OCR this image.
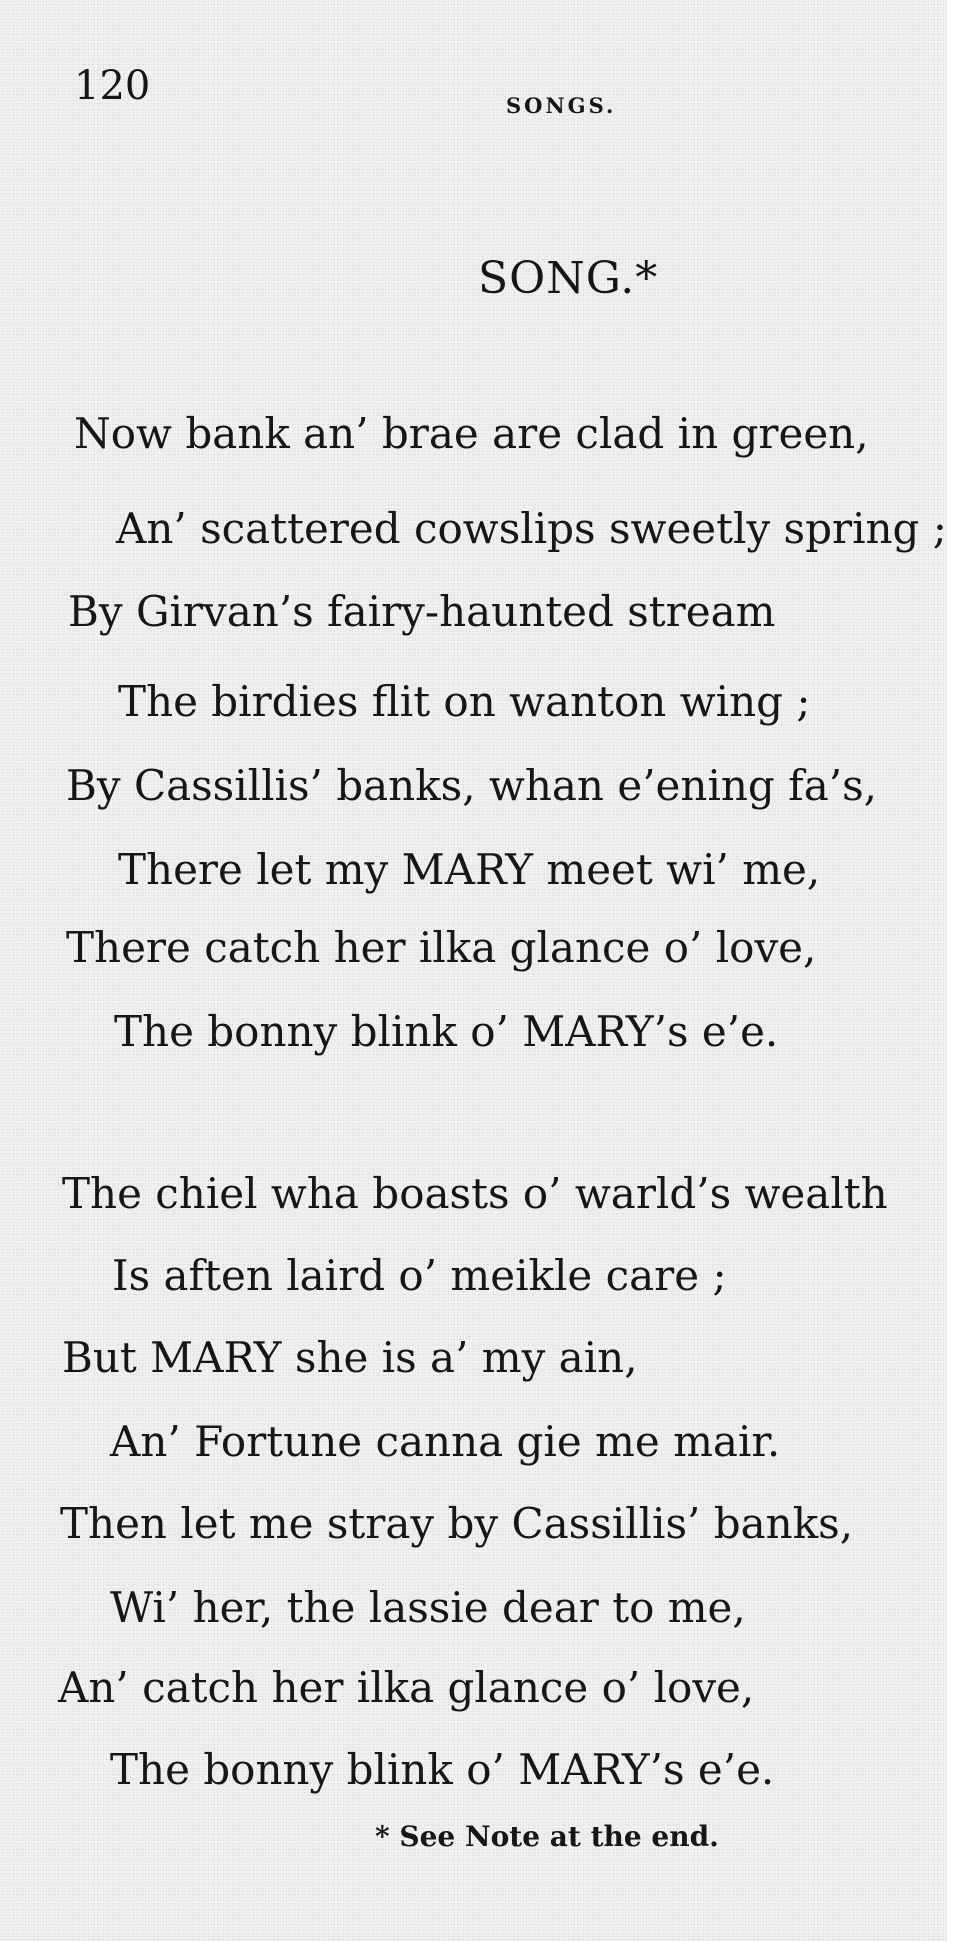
120	SONGS.
SONG.*
Now bank an’ brae are clad in green,
An’ scattered cowslips sweetly spring ;
By Girvan’s fairy-haunted stream
The birdies flit on wanton wing ;
By Cassillis’ banks, whan e’ening fa’s,
There let my MARY meet wi’ me,
There catch her ilka glance o’ love,
The bonny blink o’ MARY’s e’e.
The chiel wha boasts o’ warld’s wealth
Is aften laird o’ meikle care ;
But MARY she is a’ my ain,
An’ Fortune canna gie me mair.
Then let me stray by Cassillis’ banks,
Wi’ her, the lassie dear to me,
An’ catch her ilka glance o’ love,
The bonny blink o’ MARY’s e’e.
* See Note at the end.
